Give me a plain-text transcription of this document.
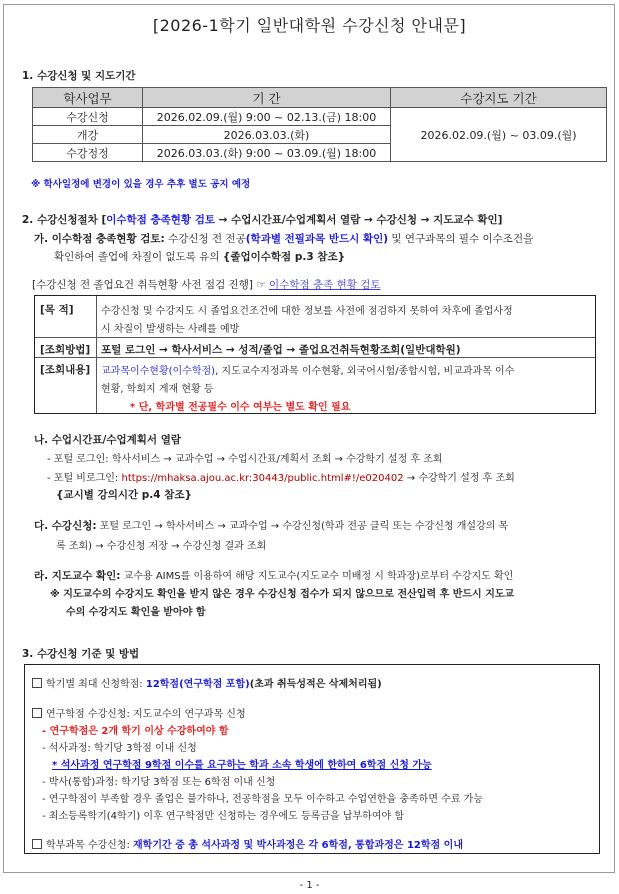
[2026-1학기 일반대학원 수강신청 안내문]
1. 수강신청 및 지도기간
학사업무	기 간	수강지도 기간
수강신청	2026.02.09.(월) 9:00 ~ 02.13.(금) 18:00	2026.02.09.(월) ~ 03.09.(월)
개강	2026.03.03.(화)	
수강정정	2026.03.03.(화) 9:00 ~ 03.09.(월) 18:00	
※ 학사일정에 변경이 있을 경우 추후 별도 공지 예정
2. 수강신청절차 [이수학점 충족현황 검토 → 수업시간표/수업계획서 열람 → 수강신청 → 지도교수 확인]
가. 이수학점 충족현황 검토: 수강신청 전 전공(학과별 전필과목 반드시 확인) 및 연구과목의 필수 이수조건을
확인하여 졸업에 차질이 없도록 유의 {졸업이수학점 p.3 참조}
[수강신청 전 졸업요건 취득현황 사전 점검 진행] ☞ 이수학점 충족 현황 검토
[목 적]	수강신청 및 수강지도 시 졸업요건조건에 대한 정보를 사전에 점검하지 못하여 차후에 졸업사정
시 차질이 발생하는 사례를 예방
[조회방법] 포털 로그인 → 학사서비스 → 성적/졸업 → 졸업요건취득현황조회(일반대학원)
[조회내용] 교과목이수현황(이수학점), 지도교수지정과목 이수현황, 외국어시험/종합시험, 비교과과목 이수
현황, 학회지 게재 현황 등
* 단, 학과별 전공필수 이수 여부는 별도 확인 필요
나. 수업시간표/수업계획서 열람
- 포털 로그인: 학사서비스 → 교과수업 → 수업시간표/계획서 조회 → 수강학기 설정 후 조회
- 포털 비로그인: https://mhaksa.ajou.ac.kr:30443/public.html#!/e020402 → 수강학기 설정 후 조회
{교시별 강의시간 p.4 참조}
다. 수강신청: 포털 로그인 → 학사서비스 → 교과수업 → 수강신청(학과 전공 클릭 또는 수강신청 개설강의 목
록 조회) → 수강신청 저장 → 수강신청 결과 조회
라. 지도교수 확인: 교수용 AIMS를 이용하여 해당 지도교수(지도교수 미배정 시 학과장)로부터 수강지도 확인
※ 지도교수의 수강지도 확인을 받지 않은 경우 수강신청 접수가 되지 않으므로 전산입력 후 반드시 지도교
수의 수강지도 확인을 받아야 함
3. 수강신청 기준 및 방법
학기별 최대 신청학점: 12학점(연구학점 포함)(초과 취득성적은 삭제처리됨)
연구학점 수강신청: 지도교수의 연구과목 신청
- 연구학점은 2개 학기 이상 수강하여야 함
- 석사과정: 학기당 3학점 이내 신청
* 석사과정 연구학점 9학점 이수를 요구하는 학과 소속 학생에 한하여 6학점 신청 가능
- 박사(통합)과정: 학기당 3학점 또는 6학점 이내 신청
- 연구학점이 부족할 경우 졸업은 불가하나, 전공학점을 모두 이수하고 수업연한을 충족하면 수료 가능
- 최소등록학기(4학기) 이후 연구학점만 신청하는 경우에도 등록금을 납부하여야 함
학부과목 수강신청: 재학기간 중 총 석사과정 및 박사과정은 각 6학점, 통합과정은 12학점 이내
- 1 -
